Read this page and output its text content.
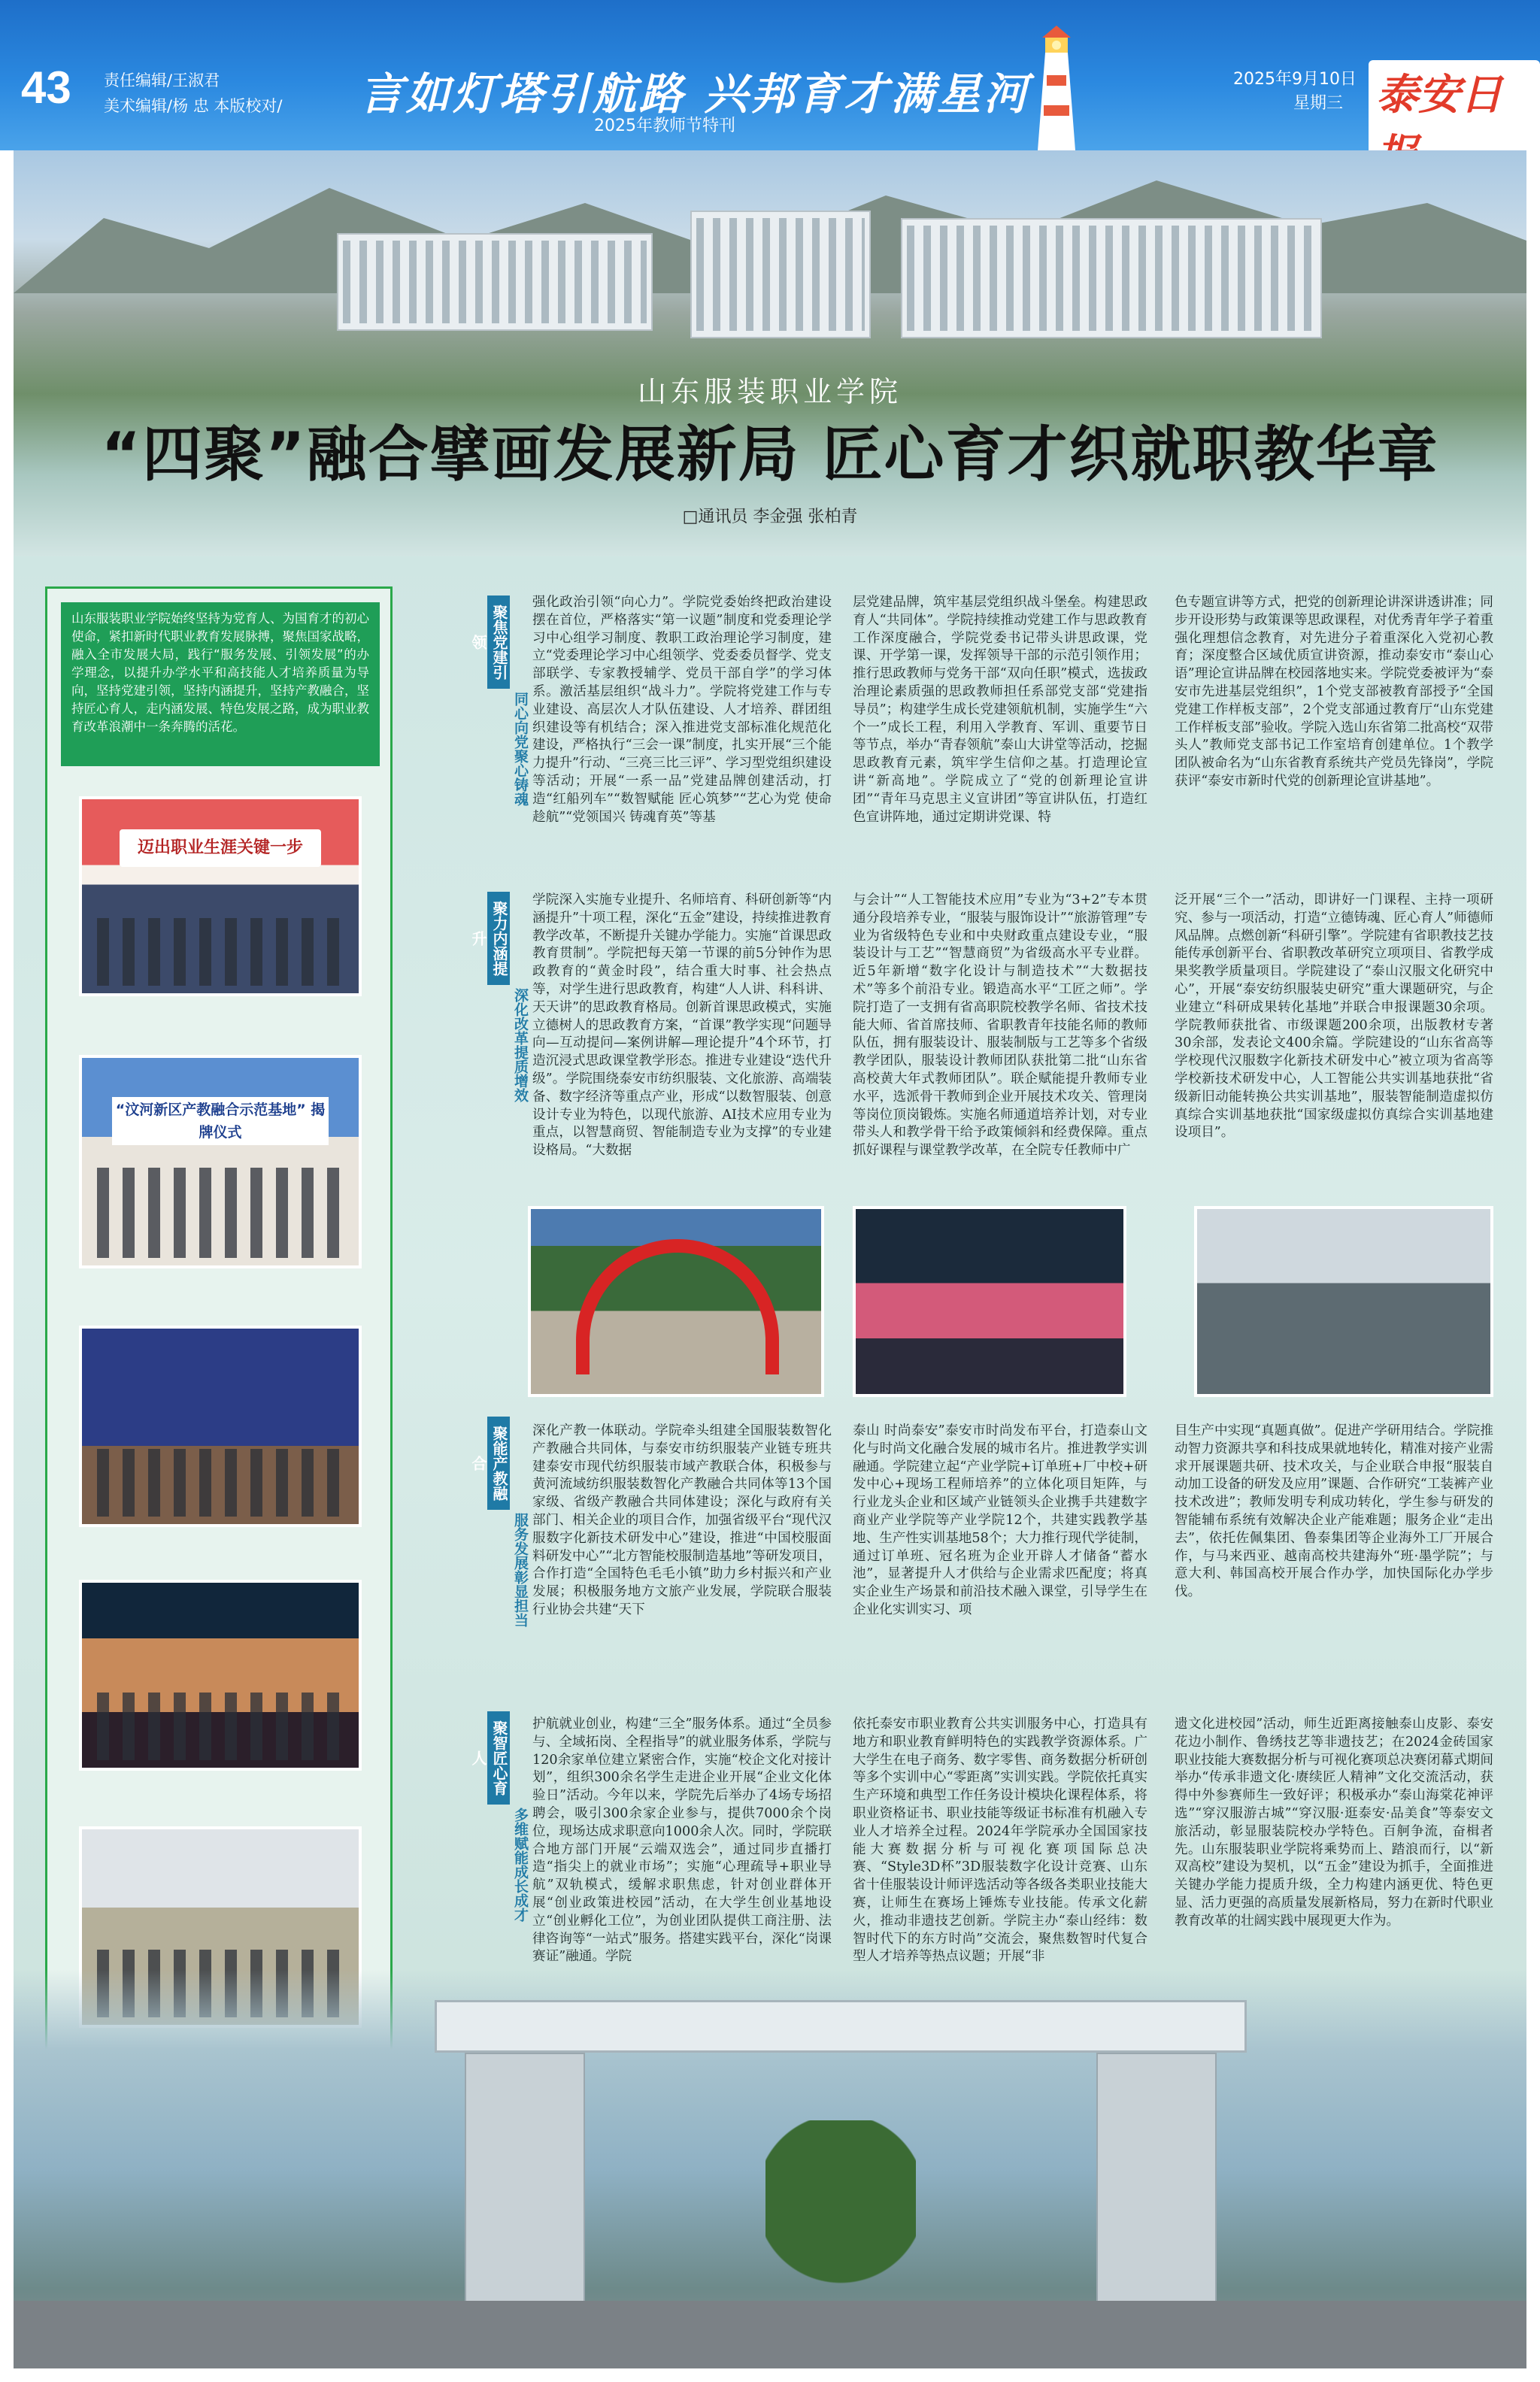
43 责任编辑/王淑君
美术编辑/杨 忠 本版校对/ 言如灯塔引航路 兴邦育才满星河
2025年教师节特刊
2025年9月10日
星期三 泰安日
山东服装职业学院
“四聚”融合擘画发展新局 匠心育才织就职教华章
□通讯员 李金强 张柏青
山东服装职业学院始终坚持为党育人、为国育才的初心使命，紧扣新时代职业教育发展脉搏，聚焦国家战略，融入全市发展大局，践行“服务发展、引领发展”的办学理念，以提升办学水平和高技能人才培养质量为导向，坚持党建引领，坚持内涵提升，坚持产教融合，坚持匠心育人，走内涵发展、特色发展之路，成为职业教育改革浪潮中一条奔腾的活花。
迈出职业生涯关键一步
“汶河新区产教融合示范基地” 揭牌仪式
聚焦党建引领
同心向党聚心铸魂
强化政治引领“向心力”。学院党委始终把政治建设摆在首位，严格落实“第一议题”制度和党委理论学习中心组学习制度、教职工政治理论学习制度，建立“党委理论学习中心组领学、党委委员督学、党支部联学、专家教授辅学、党员干部自学”的学习体系。激活基层组织“战斗力”。学院将党建工作与专业建设、高层次人才队伍建设、人才培养、群团组织建设等有机结合；深入推进党支部标准化规范化建设，严格执行“三会一课”制度，扎实开展“三个能力提升”行动、“三亮三比三评”、学习型党组织建设等活动；开展“一系一品”党建品牌创建活动，打造“红船列车”“数智赋能 匠心筑梦”“艺心为党 使命趁航”“党领国兴 铸魂育英”等基
层党建品牌，筑牢基层党组织战斗堡垒。构建思政育人“共同体”。学院持续推动党建工作与思政教育工作深度融合，学院党委书记带头讲思政课，党课、开学第一课，发挥领导干部的示范引领作用；推行思政教师与党务干部“双向任职”模式，选拔政治理论素质强的思政教师担任系部党支部“党建指导员”；构建学生成长党建领航机制，实施学生“六个一”成长工程，利用入学教育、军训、重要节日等节点，举办“青春领航”泰山大讲堂等活动，挖掘思政教育元素，筑牢学生信仰之基。打造理论宣讲“新高地”。学院成立了“党的创新理论宣讲团”“青年马克思主义宣讲团”等宣讲队伍，打造红色宣讲阵地，通过定期讲党课、特
色专题宣讲等方式，把党的创新理论讲深讲透讲准；同步开设形势与政策课等思政课程，对优秀青年学子着重强化理想信念教育，对先进分子着重深化入党初心教育；深度整合区域优质宣讲资源，推动泰安市“泰山心语”理论宣讲品牌在校园落地实来。学院党委被评为“泰安市先进基层党组织”，1个党支部被教育部授予“全国党建工作样板支部”，2个党支部通过教育厅“山东党建工作样板支部”验收。学院入选山东省第二批高校“双带头人”教师党支部书记工作室培育创建单位。1个教学团队被命名为“山东省教育系统共产党员先锋岗”，学院获评“泰安市新时代党的创新理论宣讲基地”。
聚力内涵提升
深化改革提质增效
学院深入实施专业提升、名师培育、科研创新等“内涵提升”十项工程，深化“五金”建设，持续推进教育教学改革，不断提升关键办学能力。实施“首课思政教育贯制”。学院把每天第一节课的前5分钟作为思政教育的“黄金时段”，结合重大时事、社会热点等，对学生进行思政教育，构建“人人讲、科科讲、天天讲”的思政教育格局。创新首课思政模式，实施立德树人的思政教育方案，“首课”教学实现“问题导向—互动提问—案例讲解—理论提升”4个环节，打造沉浸式思政课堂教学形态。推进专业建设“迭代升级”。学院围绕泰安市纺织服装、文化旅游、高端装备、数字经济等重点产业，形成“以数智服装、创意设计专业为特色，以现代旅游、AI技术应用专业为重点，以智慧商贸、智能制造专业为支撑”的专业建设格局。“大数据
与会计”“人工智能技术应用”专业为“3+2”专本贯通分段培养专业，“服装与服饰设计”“旅游管理”专业为省级特色专业和中央财政重点建设专业，“服装设计与工艺”“智慧商贸”为省级高水平专业群。近5年新增“数字化设计与制造技术”“大数据技术”等多个前沿专业。锻造高水平“工匠之师”。学院打造了一支拥有省高职院校教学名师、省技术技能大师、省首席技师、省职教青年技能名师的教师队伍，拥有服装设计、服装制版与工艺等多个省级教学团队，服装设计教师团队获批第二批“山东省高校黄大年式教师团队”。联企赋能提升教师专业水平，选派骨干教师到企业开展技术攻关、管理岗等岗位顶岗锻炼。实施名师通道培养计划，对专业带头人和教学骨干给予政策倾斜和经费保障。重点抓好课程与课堂教学改革，在全院专任教师中广
泛开展“三个一”活动，即讲好一门课程、主持一项研究、参与一项活动，打造“立德铸魂、匠心育人”师德师风品牌。点燃创新“科研引擎”。学院建有省职教技艺技能传承创新平台、省职教改革研究立项项目、省教学成果奖教学质量项目。学院建设了“泰山汉服文化研究中心”，开展“泰安纺织服装史研究”重大课题研究，与企业建立“科研成果转化基地”并联合申报课题30余项。学院教师获批省、市级课题200余项，出版教材专著30余部，发表论文400余篇。学院建设的“山东省高等学校现代汉服数字化新技术研发中心”被立项为省高等学校新技术研发中心，人工智能公共实训基地获批“省级新旧动能转换公共实训基地”，服装智能制造虚拟仿真综合实训基地获批“国家级虚拟仿真综合实训基地建设项目”。
聚能产教融合
服务发展彰显担当
深化产教一体联动。学院牵头组建全国服装数智化产教融合共同体，与泰安市纺织服装产业链专班共建泰安市现代纺织服装市域产教联合体，积极参与黄河流域纺织服装数智化产教融合共同体等13个国家级、省级产教融合共同体建设；深化与政府有关部门、相关企业的项目合作，加强省级平台“现代汉服数字化新技术研发中心”建设，推进“中国校服面料研发中心”“北方智能校服制造基地”等研发项目，合作打造“全国特色毛毛小镇”助力乡村振兴和产业发展；积极服务地方文旅产业发展，学院联合服装行业协会共建“天下
泰山 时尚泰安”泰安市时尚发布平台，打造泰山文化与时尚文化融合发展的城市名片。推进教学实训融通。学院建立起“产业学院+订单班+厂中校+研发中心+现场工程师培养”的立体化项目矩阵，与行业龙头企业和区域产业链领头企业携手共建数字商业产业学院等产业学院12个，共建实践教学基地、生产性实训基地58个；大力推行现代学徒制，通过订单班、冠名班为企业开辟人才储备“蓄水池”，显著提升人才供给与企业需求匹配度；将真实企业生产场景和前沿技术融入课堂，引导学生在企业化实训实习、项
目生产中实现“真题真做”。促进产学研用结合。学院推动智力资源共享和科技成果就地转化，精准对接产业需求开展课题共研、技术攻关，与企业联合申报“服装自动加工设备的研发及应用”课题、合作研究“工装裤产业技术改进”；教师发明专利成功转化，学生参与研发的智能辅布系统有效解决企业产能难题；服务企业“走出去”，依托佐佩集团、鲁泰集团等企业海外工厂开展合作，与马来西亚、越南高校共建海外“班·墨学院”；与意大利、韩国高校开展合作办学，加快国际化办学步伐。
聚智匠心育人
多维赋能成长成才
护航就业创业，构建“三全”服务体系。通过“全员参与、全域拓岗、全程指导”的就业服务体系，学院与120余家单位建立紧密合作，实施“校企文化对接计划”，组织300余名学生走进企业开展“企业文化体验日”活动。今年以来，学院先后举办了4场专场招聘会，吸引300余家企业参与，提供7000余个岗位，现场达成求职意向1000余人次。同时，学院联合地方部门开展“云端双选会”，通过同步直播打造“指尖上的就业市场”；实施“心理疏导+职业导航”双轨模式，缓解求职焦虑，针对创业群体开展“创业政策进校园”活动，在大学生创业基地设立“创业孵化工位”，为创业团队提供工商注册、法律咨询等“一站式”服务。搭建实践平台，深化“岗课赛证”融通。学院
依托泰安市职业教育公共实训服务中心，打造具有地方和职业教育鲜明特色的实践教学资源体系。广大学生在电子商务、数字零售、商务数据分析研创等多个实训中心“零距离”实训实践。学院依托真实生产环境和典型工作任务设计模块化课程体系，将职业资格证书、职业技能等级证书标准有机融入专业人才培养全过程。2024年学院承办全国国家技能大赛数据分析与可视化赛项国际总决赛、“Style3D杯”3D服装数字化设计竞赛、山东省十佳服装设计师评选活动等各级各类职业技能大赛，让师生在赛场上锤炼专业技能。传承文化薪火，推动非遗技艺创新。学院主办“泰山经纬：数智时代下的东方时尚”交流会，聚焦数智时代复合型人才培养等热点议题；开展“非
遗文化进校园”活动，师生近距离接触泰山皮影、泰安花边小制作、鲁绣技艺等非遗技艺；在2024金砖国家职业技能大赛数据分析与可视化赛项总决赛闭幕式期间举办“传承非遗文化·赓续匠人精神”文化交流活动，获得中外参赛师生一致好评；积极承办“泰山海棠花神评选”“穿汉服游古城”“穿汉服·逛泰安·品美食”等泰安文旅活动，彰显服装院校办学特色。百舸争流，奋楫者先。山东服装职业学院将乘势而上、踏浪而行，以“新双高校”建设为契机，以“五金”建设为抓手，全面推进关键办学能力提质升级，全力构建内涵更优、特色更显、活力更强的高质量发展新格局，努力在新时代职业教育改革的壮阔实践中展现更大作为。
